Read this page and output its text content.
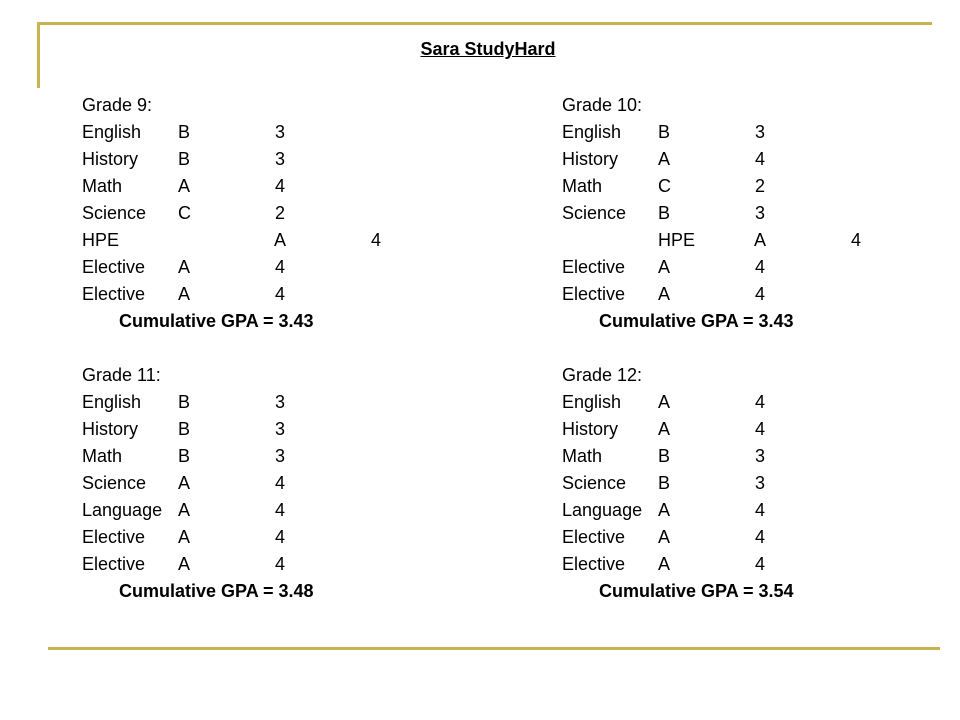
Sara StudyHard
Grade 9:
English B	3
History B	3
Math	A	4
Science C	2
HPE	A	4
Elective A	4
Elective A	4
Cumulative GPA = 3.43
Grade 10:
English B	3
History A	4
Math	C	2
Science B	3
HPE	A	4
Elective A	4
Elective A	4
Cumulative GPA = 3.43
Grade 11:
English B	3
History B	3
Math	B	3
Science A	4
Language A	4
Elective A	4
Elective A	4
Cumulative GPA = 3.48
Grade 12:
English A	4
History A	4
Math	B	3
Science B	3
Language A	4
Elective A	4
Elective A	4
Cumulative GPA = 3.54
